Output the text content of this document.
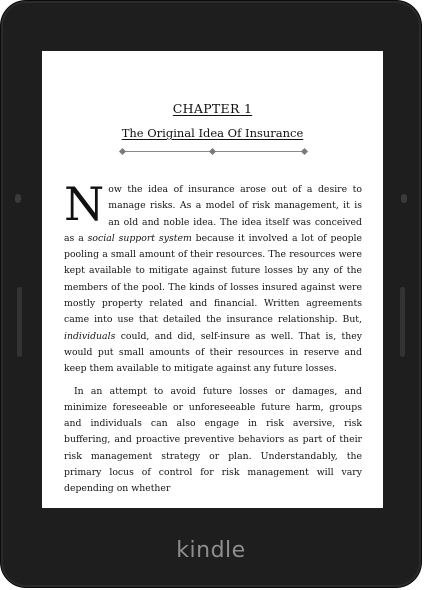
CHAPTER 1
The Original Idea Of Insurance

Now the idea of insurance arose out of a desire to manage risks. As a model of risk management, it is an old and noble idea. The idea itself was conceived as a social support system because it involved a lot of people pooling a small amount of their resources. The resources were kept available to mitigate against future losses by any of the members of the pool. The kinds of losses insured against were mostly property related and financial. Written agreements came into use that detailed the insurance relationship. But, individuals could, and did, self-insure as well. That is, they would put small amounts of their resources in reserve and keep them available to mitigate against any future losses.

In an attempt to avoid future losses or damages, and minimize foreseeable or unforeseeable future harm, groups and individuals can also engage in risk aversive, risk buffering, and proactive preventive behaviors as part of their risk management strategy or plan. Understandably, the primary locus of control for risk management will vary depending on whether

kindle
